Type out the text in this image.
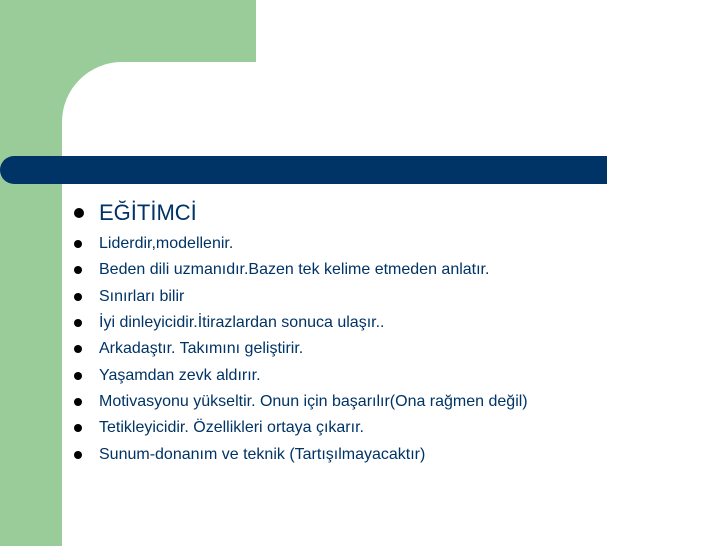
EĞİTİMCİ
Liderdir,modellenir.
Beden dili uzmanıdır.Bazen tek kelime etmeden anlatır.
Sınırları bilir
İyi dinleyicidir.İtirazlardan sonuca ulaşır..
Arkadaştır. Takımını geliştirir.
Yaşamdan zevk aldırır.
Motivasyonu yükseltir. Onun için başarılır(Ona rağmen değil)
Tetikleyicidir. Özellikleri ortaya çıkarır.
Sunum-donanım ve teknik (Tartışılmayacaktır)
